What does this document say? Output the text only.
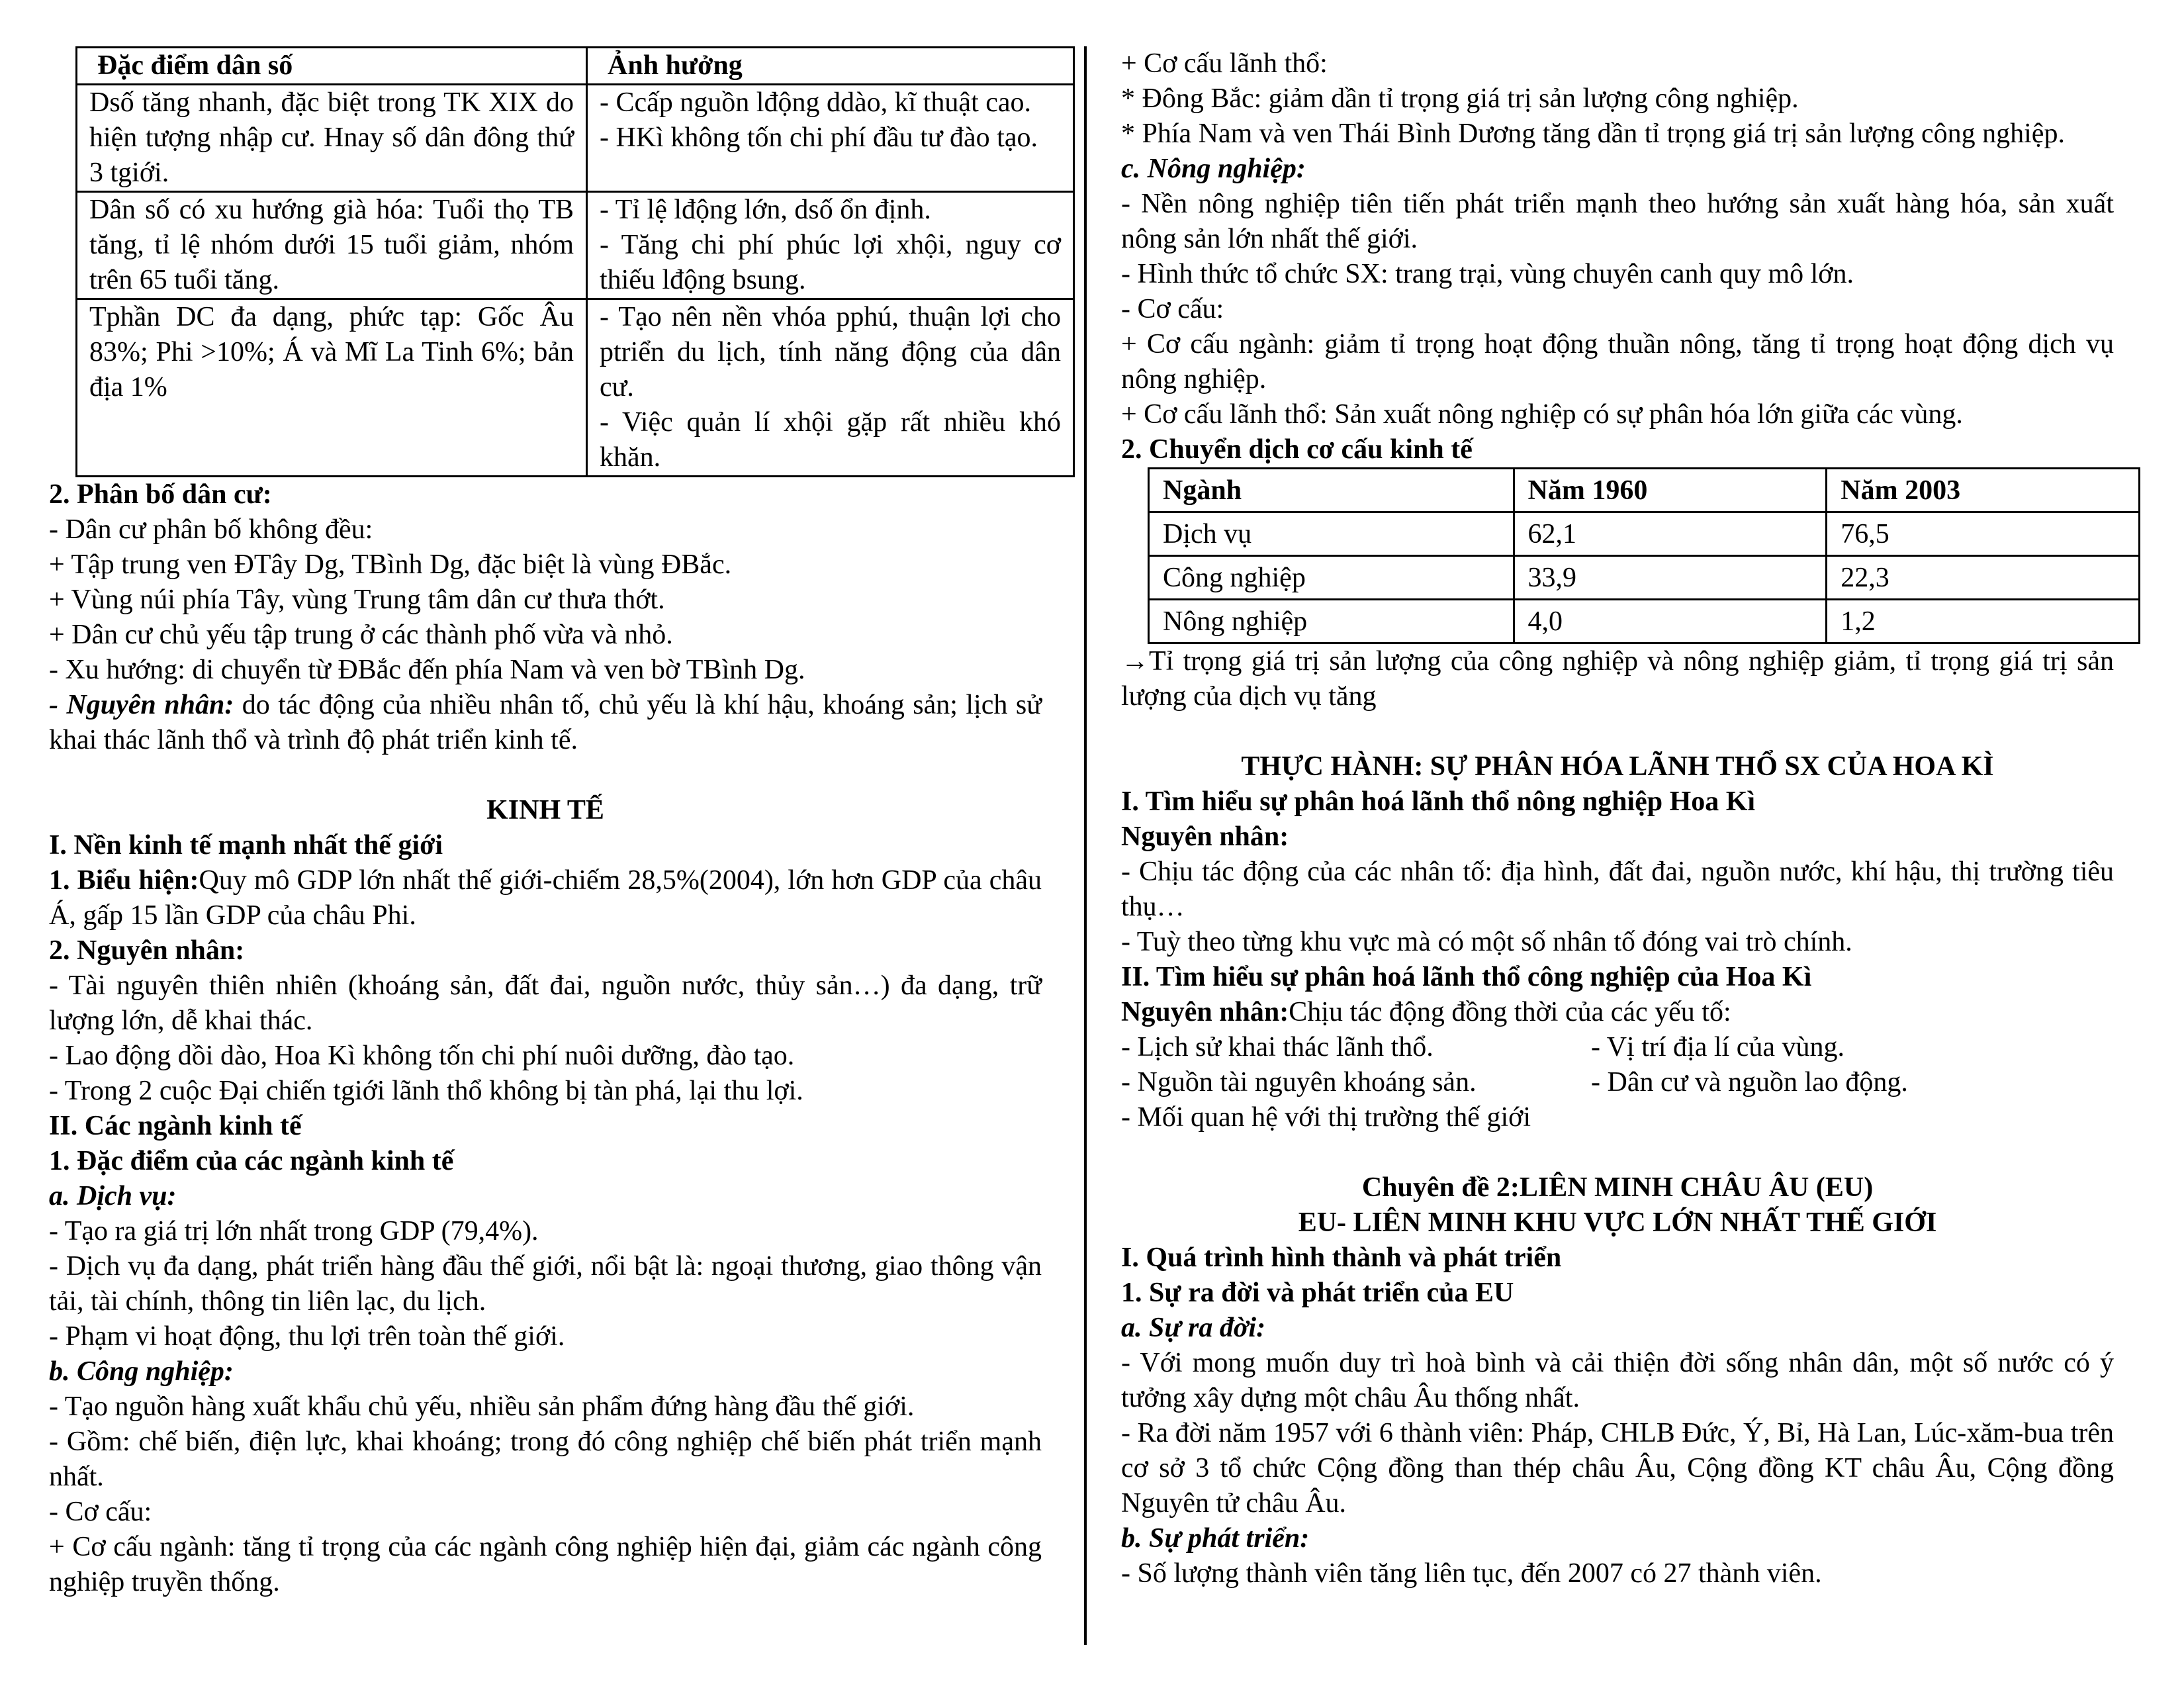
Đặc điểm dân số	Ảnh hưởng
Dsố tăng nhanh, đặc biệt trong TK XIX do hiện tượng nhập cư. Hnay số dân đông thứ 3 tgiới.	- Ccấp nguồn lđộng ddào, kĩ thuật cao.
- HKì không tốn chi phí đầu tư đào tạo.

Dân số có xu hướng già hóa: Tuổi thọ TB tăng, tỉ lệ nhóm dưới 15 tuổi giảm, nhóm trên 65 tuổi tăng.	- Tỉ lệ lđộng lớn, dsố ổn định.
- Tăng chi phí phúc lợi xhội, nguy cơ thiếu lđộng bsung.

Tphần DC đa dạng, phức tạp: Gốc Âu 83%; Phi >10%; Á và Mĩ La Tinh 6%; bản địa 1%	- Tạo nên nền vhóa pphú, thuận lợi cho ptriển du lịch, tính năng động của dân cư.
- Việc quản lí xhội gặp rất nhiều khó khăn.
2. Phân bố dân cư:
- Dân cư phân bố không đều:
+ Tập trung ven ĐTây Dg, TBình Dg, đặc biệt là vùng ĐBắc.
+ Vùng núi phía Tây, vùng Trung tâm dân cư thưa thớt.
+ Dân cư chủ yếu tập trung ở các thành phố vừa và nhỏ.
- Xu hướng: di chuyển từ ĐBắc đến phía Nam và ven bờ TBình Dg.
- Nguyên nhân: do tác động của nhiều nhân tố, chủ yếu là khí hậu, khoáng sản; lịch sử khai thác lãnh thổ và trình độ phát triển kinh tế.
KINH TẾ
I. Nền kinh tế mạnh nhất thế giới
1. Biểu hiện:Quy mô GDP lớn nhất thế giới-chiếm 28,5%(2004), lớn hơn GDP của châu Á, gấp 15 lần GDP của châu Phi.
2. Nguyên nhân:
- Tài nguyên thiên nhiên (khoáng sản, đất đai, nguồn nước, thủy sản…) đa dạng, trữ lượng lớn, dễ khai thác.
- Lao động dồi dào, Hoa Kì không tốn chi phí nuôi dưỡng, đào tạo.
- Trong 2 cuộc Đại chiến tgiới lãnh thổ không bị tàn phá, lại thu lợi.
II. Các ngành kinh tế
1. Đặc điểm của các ngành kinh tế
a. Dịch vụ:
- Tạo ra giá trị lớn nhất trong GDP (79,4%).
- Dịch vụ đa dạng, phát triển hàng đầu thế giới, nổi bật là: ngoại thương, giao thông vận tải, tài chính, thông tin liên lạc, du lịch.
- Phạm vi hoạt động, thu lợi trên toàn thế giới.
b. Công nghiệp:
- Tạo nguồn hàng xuất khẩu chủ yếu, nhiều sản phẩm đứng hàng đầu thế giới.
- Gồm: chế biến, điện lực, khai khoáng; trong đó công nghiệp chế biến phát triển mạnh nhất.
- Cơ cấu:
+ Cơ cấu ngành: tăng tỉ trọng của các ngành công nghiệp hiện đại, giảm các ngành công nghiệp truyền thống.
+ Cơ cấu lãnh thổ:
* Đông Bắc: giảm dần tỉ trọng giá trị sản lượng công nghiệp.
* Phía Nam và ven Thái Bình Dương tăng dần tỉ trọng giá trị sản lượng công nghiệp.
c. Nông nghiệp:
- Nền nông nghiệp tiên tiến phát triển mạnh theo hướng sản xuất hàng hóa, sản xuất nông sản lớn nhất thế giới.
- Hình thức tổ chức SX: trang trại, vùng chuyên canh quy mô lớn.
- Cơ cấu:
+ Cơ cấu ngành: giảm tỉ trọng hoạt động thuần nông, tăng tỉ trọng hoạt động dịch vụ nông nghiệp.
+ Cơ cấu lãnh thổ: Sản xuất nông nghiệp có sự phân hóa lớn giữa các vùng.
2. Chuyển dịch cơ cấu kinh tế
Ngành	Năm 1960	Năm 2003
Dịch vụ	62,1	76,5
Công nghiệp	33,9	22,3
Nông nghiệp	4,0	1,2
→Tỉ trọng giá trị sản lượng của công nghiệp và nông nghiệp giảm, tỉ trọng giá trị sản lượng của dịch vụ tăng
THỰC HÀNH: SỰ PHÂN HÓA LÃNH THỔ SX CỦA HOA KÌ
I. Tìm hiểu sự phân hoá lãnh thổ nông nghiệp Hoa Kì
Nguyên nhân:
- Chịu tác động của các nhân tố: địa hình, đất đai, nguồn nước, khí hậu, thị trường tiêu thụ…
- Tuỳ theo từng khu vực mà có một số nhân tố đóng vai trò chính.
II. Tìm hiểu sự phân hoá lãnh thổ công nghiệp của Hoa Kì
Nguyên nhân:Chịu tác động đồng thời của các yếu tố:
- Lịch sử khai thác lãnh thổ.	- Vị trí địa lí của vùng.
- Nguồn tài nguyên khoáng sản.	- Dân cư và nguồn lao động.
- Mối quan hệ với thị trường thế giới
Chuyên đề 2:LIÊN MINH CHÂU ÂU (EU)
EU- LIÊN MINH KHU VỰC LỚN NHẤT THẾ GIỚI
I. Quá trình hình thành và phát triển
1. Sự ra đời và phát triển của EU
a. Sự ra đời:
- Với mong muốn duy trì hoà bình và cải thiện đời sống nhân dân, một số nước có ý tưởng xây dựng một châu Âu thống nhất.
- Ra đời năm 1957 với 6 thành viên: Pháp, CHLB Đức, Ý, Bỉ, Hà Lan, Lúc-xăm-bua trên cơ sở 3 tổ chức Cộng đồng than thép châu Âu, Cộng đồng KT châu Âu, Cộng đồng Nguyên tử châu Âu.
b. Sự phát triển:
- Số lượng thành viên tăng liên tục, đến 2007 có 27 thành viên.
